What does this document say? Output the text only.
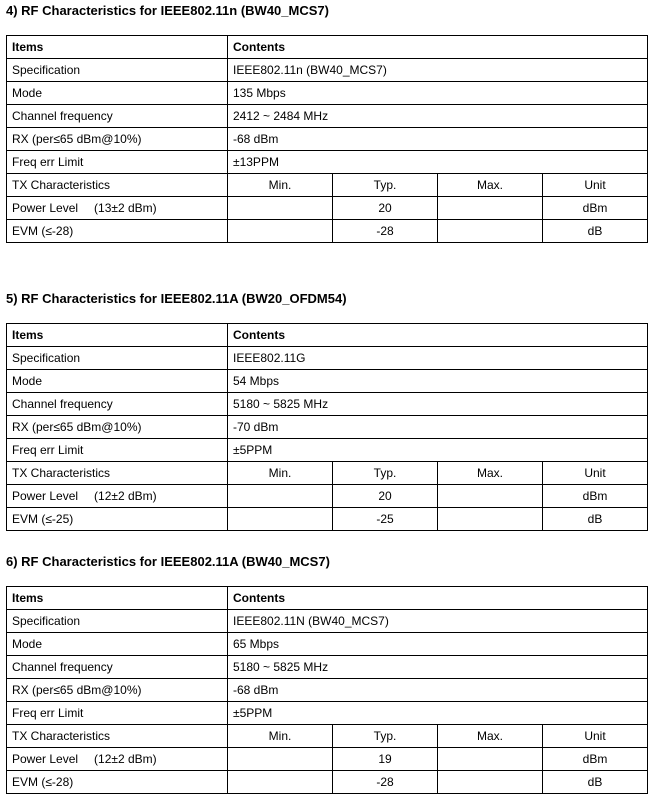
4) RF Characteristics for IEEE802.11n (BW40_MCS7)
Items	Contents			
Specification	IEEE802.11n (BW40_MCS7)			
Mode	135 Mbps			
Channel frequency	2412 ~ 2484 MHz			
RX (per≤65 dBm@10%)	-68 dBm			
Freq err Limit	±13PPM			
TX Characteristics	Min.	Typ.	Max.	Unit
Power Level (13±2 dBm)		20		dBm
EVM (≤-28)		-28		dB
5) RF Characteristics for IEEE802.11A (BW20_OFDM54)
Items	Contents			
Specification	IEEE802.11G			
Mode	54 Mbps			
Channel frequency	5180 ~ 5825 MHz			
RX (per≤65 dBm@10%)	-70 dBm			
Freq err Limit	±5PPM			
TX Characteristics	Min.	Typ.	Max.	Unit
Power Level (12±2 dBm)		20		dBm
EVM (≤-25)		-25		dB
6) RF Characteristics for IEEE802.11A (BW40_MCS7)
Items	Contents			
Specification	IEEE802.11N (BW40_MCS7)			
Mode	65 Mbps			
Channel frequency	5180 ~ 5825 MHz			
RX (per≤65 dBm@10%)	-68 dBm			
Freq err Limit	±5PPM			
TX Characteristics	Min.	Typ.	Max.	Unit
Power Level (12±2 dBm)		19		dBm
EVM (≤-28)		-28		dB
